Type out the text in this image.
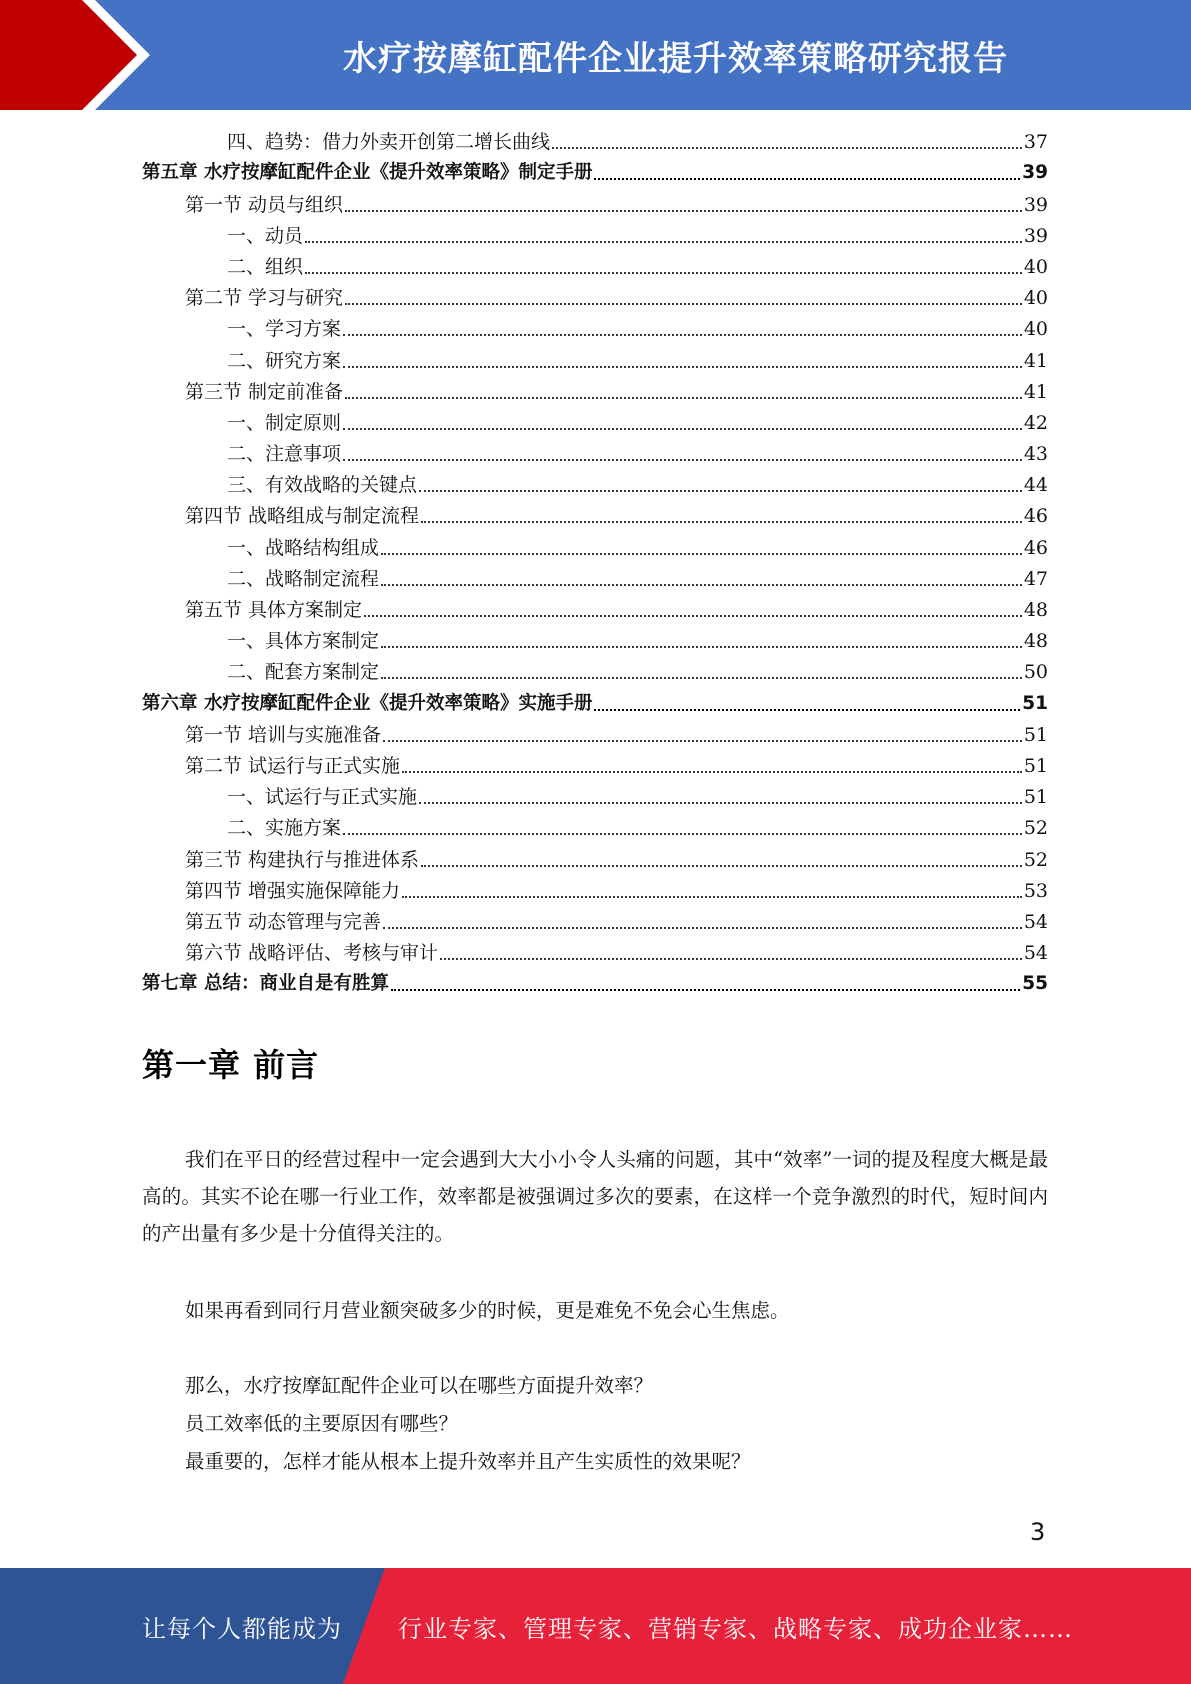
水疗按摩缸配件企业提升效率策略研究报告
四、趋势：借力外卖开创第二增长曲线	37
第五章 水疗按摩缸配件企业《提升效率策略》制定手册	39
第一节 动员与组织	39
一、动员	39
二、组织	40
第二节 学习与研究	40
一、学习方案	40
二、研究方案	41
第三节 制定前准备	41
一、制定原则	42
二、注意事项	43
三、有效战略的关键点	44
第四节 战略组成与制定流程	46
一、战略结构组成	46
二、战略制定流程	47
第五节 具体方案制定	48
一、具体方案制定	48
二、配套方案制定	50
第六章 水疗按摩缸配件企业《提升效率策略》实施手册	51
第一节 培训与实施准备	51
第二节 试运行与正式实施	51
一、试运行与正式实施	51
二、实施方案	52
第三节 构建执行与推进体系	52
第四节 增强实施保障能力	53
第五节 动态管理与完善	54
第六节 战略评估、考核与审计	54
第七章 总结：商业自是有胜算	55
第一章 前言
我们在平日的经营过程中一定会遇到大大小小令人头痛的问题，其中“效率”一词的提及程度大概是最高的。其实不论在哪一行业工作，效率都是被强调过多次的要素，在这样一个竞争激烈的时代，短时间内的产出量有多少是十分值得关注的。
如果再看到同行月营业额突破多少的时候，更是难免不免会心生焦虑。
那么，水疗按摩缸配件企业可以在哪些方面提升效率？
员工效率低的主要原因有哪些？
最重要的，怎样才能从根本上提升效率并且产生实质性的效果呢？
3
让每个人都能成为 行业专家、管理专家、营销专家、战略专家、成功企业家……
